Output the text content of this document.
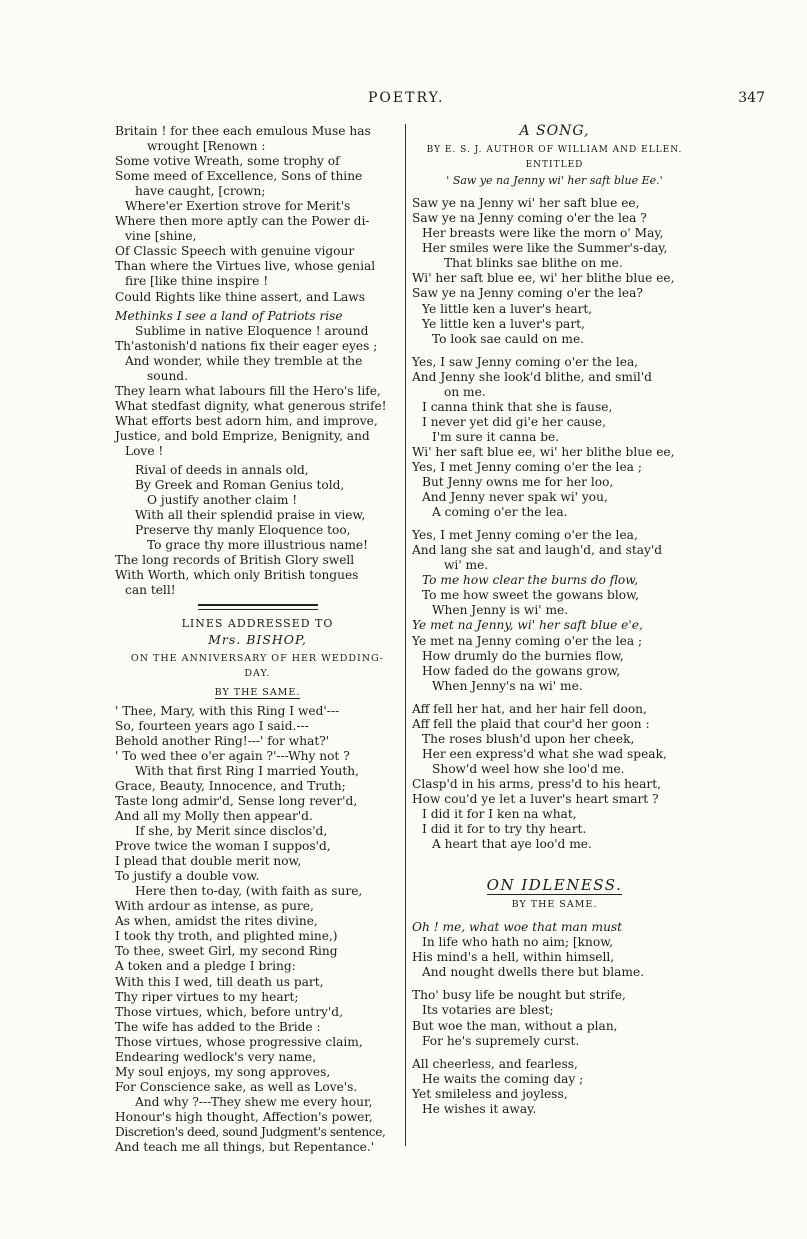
POETRY.	347
Britain ! for thee each emulous Muse has
wrought [Renown :
Some votive Wreath, some trophy of
Some meed of Excellence, Sons of thine
have caught, [crown;
Where'er Exertion strove for Merit's
Where then more aptly can the Power di-
vine [shine,
Of Classic Speech with genuine vigour
Than where the Virtues live, whose genial
fire [like thine inspire !
Could Rights like thine assert, and Laws
Methinks I see a land of Patriots rise
Sublime in native Eloquence ! around
Th'astonish'd nations fix their eager eyes ;
And wonder, while they tremble at the
sound.
They learn what labours fill the Hero's life,
What stedfast dignity, what generous strife!
What efforts best adorn him, and improve,
Justice, and bold Emprize, Benignity, and
Love !
Rival of deeds in annals old,
By Greek and Roman Genius told,
O justify another claim !
With all their splendid praise in view,
Preserve thy manly Eloquence too,
To grace thy more illustrious name!
The long records of British Glory swell
With Worth, which only British tongues
can tell!
LINES ADDRESSED TO
Mrs. BISHOP,
ON THE ANNIVERSARY OF HER WEDDING-
DAY.
BY THE SAME.
' Thee, Mary, with this Ring I wed'---
So, fourteen years ago I said.---
Behold another Ring!---' for what?'
' To wed thee o'er again ?'---Why not ?
With that first Ring I married Youth,
Grace, Beauty, Innocence, and Truth;
Taste long admir'd, Sense long rever'd,
And all my Molly then appear'd.
If she, by Merit since disclos'd,
Prove twice the woman I suppos'd,
I plead that double merit now,
To justify a double vow.
Here then to-day, (with faith as sure,
With ardour as intense, as pure,
As when, amidst the rites divine,
I took thy troth, and plighted mine,)
To thee, sweet Girl, my second Ring
A token and a pledge I bring:
With this I wed, till death us part,
Thy riper virtues to my heart;
Those virtues, which, before untry'd,
The wife has added to the Bride :
Those virtues, whose progressive claim,
Endearing wedlock's very name,
My soul enjoys, my song approves,
For Conscience sake, as well as Love's.
And why ?---They shew me every hour,
Honour's high thought, Affection's power,
Discretion's deed, sound Judgment's sentence,
And teach me all things, but Repentance.'
A SONG,
BY E. S. J. AUTHOR OF WILLIAM AND ELLEN.
ENTITLED
' Saw ye na Jenny wi' her saft blue Ee.'
Saw ye na Jenny wi' her saft blue ee,
Saw ye na Jenny coming o'er the lea ?
Her breasts were like the morn o' May,
Her smiles were like the Summer's-day,
That blinks sae blithe on me.
Wi' her saft blue ee, wi' her blithe blue ee,
Saw ye na Jenny coming o'er the lea?
Ye little ken a luver's heart,
Ye little ken a luver's part,
To look sae cauld on me.
Yes, I saw Jenny coming o'er the lea,
And Jenny she look'd blithe, and smil'd
on me.
I canna think that she is fause,
I never yet did gi'e her cause,
I'm sure it canna be.
Wi' her saft blue ee, wi' her blithe blue ee,
Yes, I met Jenny coming o'er the lea ;
But Jenny owns me for her loo,
And Jenny never spak wi' you,
A coming o'er the lea.
Yes, I met Jenny coming o'er the lea,
And lang she sat and laugh'd, and stay'd
wi' me.
To me how clear the burns do flow,
To me how sweet the gowans blow,
When Jenny is wi' me.
Ye met na Jenny, wi' her saft blue e'e,
Ye met na Jenny coming o'er the lea ;
How drumly do the burnies flow,
How faded do the gowans grow,
When Jenny's na wi' me.
Aff fell her hat, and her hair fell doon,
Aff fell the plaid that cour'd her goon :
The roses blush'd upon her cheek,
Her een express'd what she wad speak,
Show'd weel how she loo'd me.
Clasp'd in his arms, press'd to his heart,
How cou'd ye let a luver's heart smart ?
I did it for I ken na what,
I did it for to try thy heart.
A heart that aye loo'd me.
ON IDLENESS.
BY THE SAME.
Oh ! me, what woe that man must
In life who hath no aim; [know,
His mind's a hell, within himsell,
And nought dwells there but blame.
Tho' busy life be nought but strife,
Its votaries are blest;
But woe the man, without a plan,
For he's supremely curst.
All cheerless, and fearless,
He waits the coming day ;
Yet smileless and joyless,
He wishes it away.
